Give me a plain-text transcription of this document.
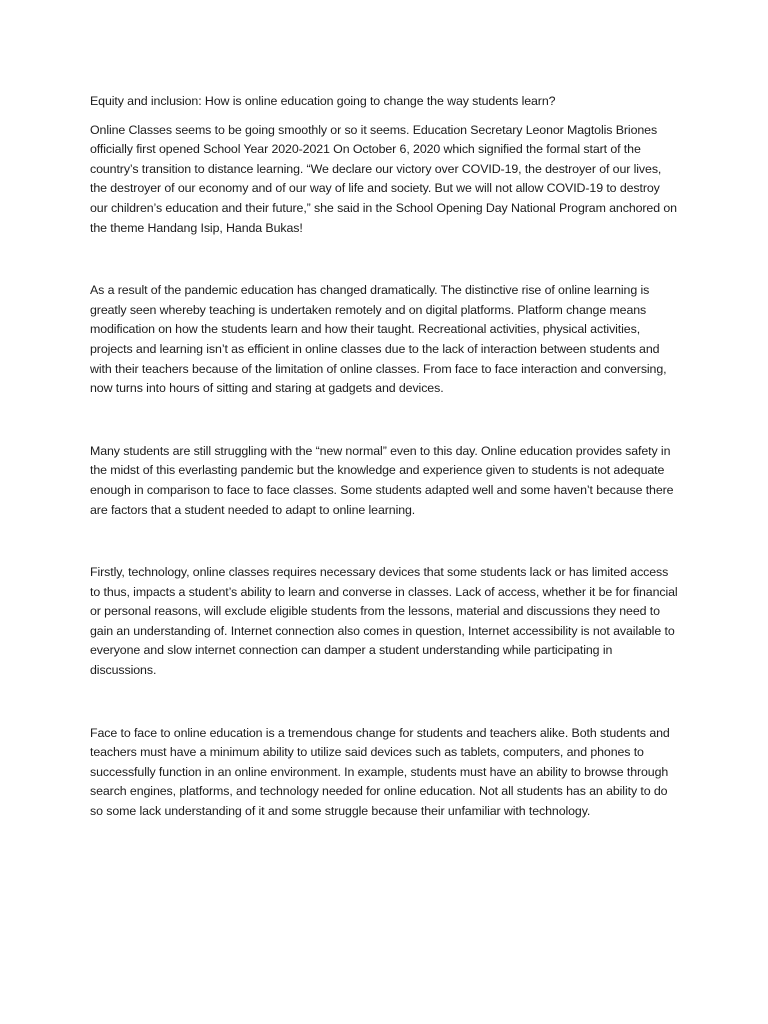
Equity and inclusion: How is online education going to change the way students learn?

Online Classes seems to be going smoothly or so it seems. Education Secretary Leonor Magtolis Briones officially first opened School Year 2020-2021 On October 6, 2020 which signified the formal start of the country’s transition to distance learning. “We declare our victory over COVID-19, the destroyer of our lives, the destroyer of our economy and of our way of life and society. But we will not allow COVID-19 to destroy our children’s education and their future,” she said in the School Opening Day National Program anchored on the theme Handang Isip, Handa Bukas!

As a result of the pandemic education has changed dramatically. The distinctive rise of online learning is greatly seen whereby teaching is undertaken remotely and on digital platforms. Platform change means modification on how the students learn and how their taught. Recreational activities, physical activities, projects and learning isn’t as efficient in online classes due to the lack of interaction between students and with their teachers because of the limitation of online classes. From face to face interaction and conversing, now turns into hours of sitting and staring at gadgets and devices.

Many students are still struggling with the “new normal” even to this day. Online education provides safety in the midst of this everlasting pandemic but the knowledge and experience given to students is not adequate enough in comparison to face to face classes. Some students adapted well and some haven’t because there are factors that a student needed to adapt to online learning.

Firstly, technology, online classes requires necessary devices that some students lack or has limited access to thus, impacts a student’s ability to learn and converse in classes. Lack of access, whether it be for financial or personal reasons, will exclude eligible students from the lessons, material and discussions they need to gain an understanding of. Internet connection also comes in question, Internet accessibility is not available to everyone and slow internet connection can damper a student understanding while participating in discussions.

Face to face to online education is a tremendous change for students and teachers alike. Both students and teachers must have a minimum ability to utilize said devices such as tablets, computers, and phones to successfully function in an online environment. In example, students must have an ability to browse through search engines, platforms, and technology needed for online education. Not all students has an ability to do so some lack understanding of it and some struggle because their unfamiliar with technology.
